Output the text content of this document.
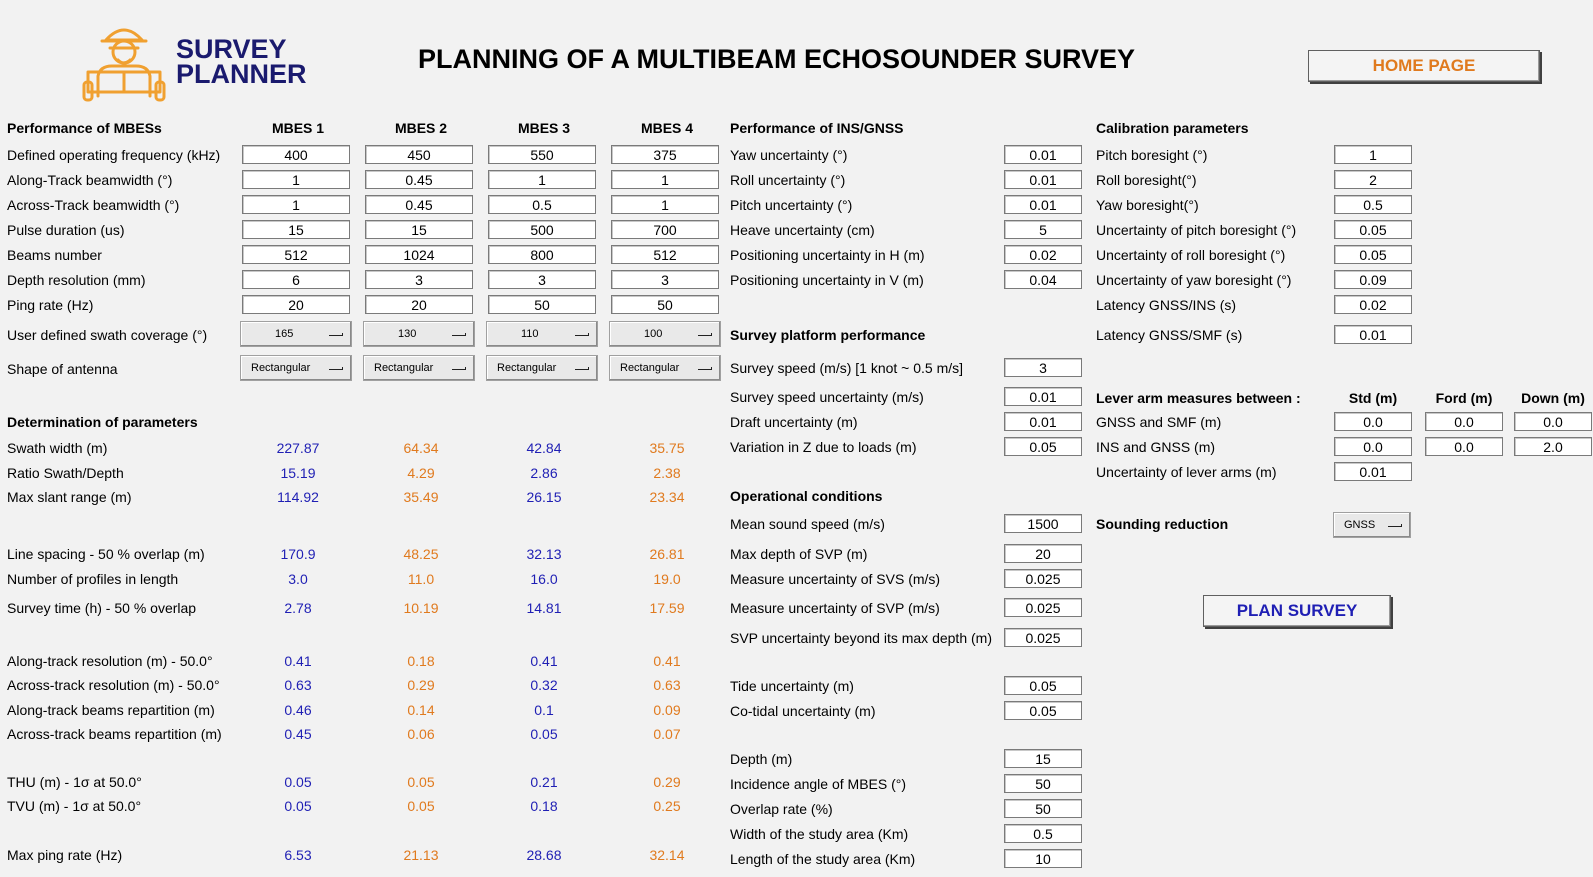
SURVEY
PLANNER	PLANNING OF A MULTIBEAM ECHOSOUNDER SURVEY	HOME PAGE
Performance of MBESs	MBES 1	MBES 2	MBES 3	MBES 4
Defined operating frequency (kHz)	400	450	550	375
Along-Track beamwidth (°)	1	0.45	1	1
Across-Track beamwidth (°)	1	0.45	0.5	1
Pulse duration (us)	15	15	500	700
Beams number	512	1024	800	512
Depth resolution (mm)	6	3	3	3
Ping rate (Hz)	20	20	50	50
User defined swath coverage (°)	165	130	110	100
Shape of antenna	Rectangular	Rectangular	Rectangular	Rectangular
Determination of parameters
Swath width (m)	227.87	64.34	42.84	35.75
Ratio Swath/Depth	15.19	4.29	2.86	2.38
Max slant range (m)	114.92	35.49	26.15	23.34
Line spacing - 50 % overlap (m)	170.9	48.25	32.13	26.81
Number of profiles in length	3.0	11.0	16.0	19.0
Survey time (h) - 50 % overlap	2.78	10.19	14.81	17.59
Along-track resolution (m) - 50.0°	0.41	0.18	0.41	0.41
Across-track resolution (m) - 50.0°	0.63	0.29	0.32	0.63
Along-track beams repartition (m)	0.46	0.14	0.1	0.09
Across-track beams repartition (m)	0.45	0.06	0.05	0.07
THU (m) - 1σ at 50.0°	0.05	0.05	0.21	0.29
TVU (m) - 1σ at 50.0°	0.05	0.05	0.18	0.25
Max ping rate (Hz)	6.53	21.13	28.68	32.14
Performance of INS/GNSS
Yaw uncertainty (°)	0.01
Roll uncertainty (°)	0.01
Pitch uncertainty (°)	0.01
Heave uncertainty (cm)	5
Positioning uncertainty in H (m)	0.02
Positioning uncertainty in V (m)	0.04
Survey platform performance
Survey speed (m/s) [1 knot ~ 0.5 m/s]	3
Survey speed uncertainty (m/s)	0.01
Draft uncertainty (m)	0.01
Variation in Z due to loads (m)	0.05
Operational conditions
Mean sound speed (m/s)	1500
Max depth of SVP (m)	20
Measure uncertainty of SVS (m/s)	0.025
Measure uncertainty of SVP (m/s)	0.025
SVP uncertainty beyond its max depth (m)	0.025
Tide uncertainty (m)	0.05
Co-tidal uncertainty (m)	0.05
Depth (m)	15
Incidence angle of MBES (°)	50
Overlap rate (%)	50
Width of the study area (Km)	0.5
Length of the study area (Km)	10
Calibration parameters
Pitch boresight (°)	1
Roll boresight(°)	2
Yaw boresight(°)	0.5
Uncertainty of pitch boresight (°)	0.05
Uncertainty of roll boresight (°)	0.05
Uncertainty of yaw boresight (°)	0.09
Latency GNSS/INS (s)	0.02
Latency GNSS/SMF (s)	0.01
Lever arm measures between :	Std (m)	Ford (m)	Down (m)
GNSS and SMF (m)	0.0	0.0	0.0
INS and GNSS (m)	0.0	0.0	2.0
Uncertainty of lever arms (m)	0.01
Sounding reduction	GNSS
PLAN SURVEY
